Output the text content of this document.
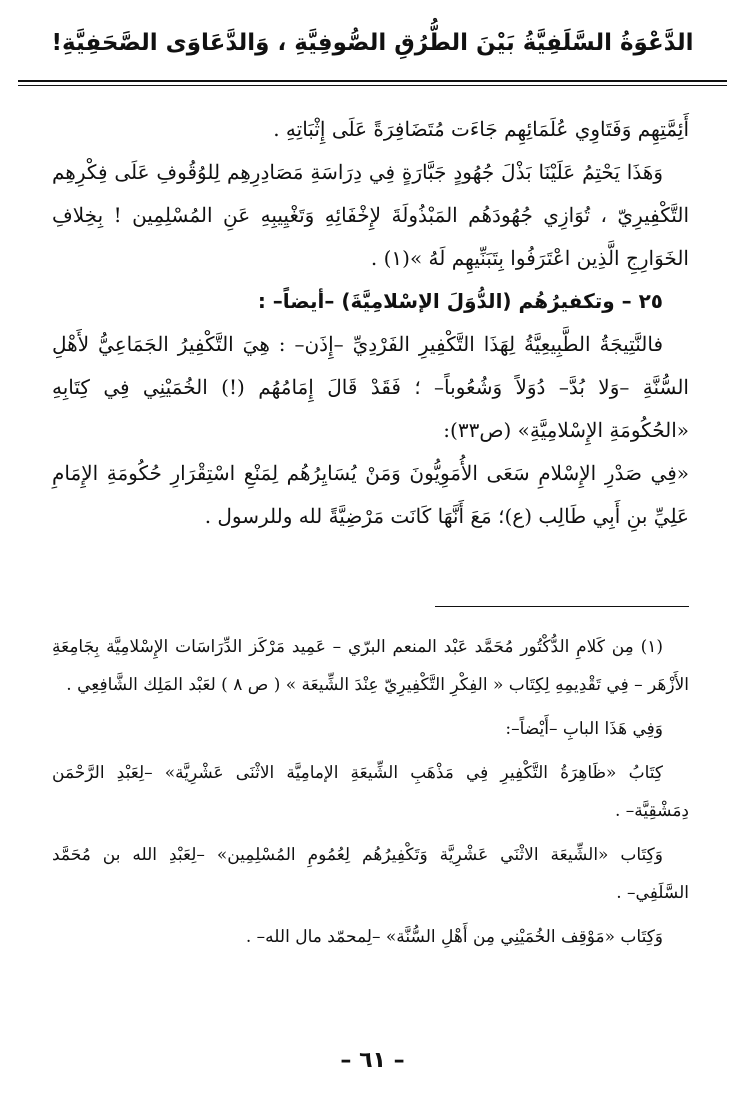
الدَّعْوَةُ السَّلَفِيَّةُ بَيْنَ الطُّرُقِ الصُّوفِيَّةِ ، وَالدَّعَاوَى الصَّحَفِيَّةِ!

أَئِمَّتِهِم وَفَتَاوِي عُلَمَائِهِم جَاءَت مُتَضَافِرَةً عَلَى إِثْبَاتِهِ .

وَهَذَا يَحْتِمُ عَلَيْنَا بَذْلَ جُهُودٍ جَبَّارَةٍ فِي دِرَاسَةِ مَصَادِرِهِم لِلوُقُوفِ عَلَى فِكْرِهِم التَّكْفِيرِيّ ، تُوَازِي جُهُودَهُم المَبْذُولَةَ لإِخْفَائِهِ وَتَغْيِيبِهِ عَنِ المُسْلِمِين ! بِخِلافِ الخَوَارِجِ الَّذِين اعْتَرَفُوا بِتَبَنِّيهِم لَهُ »(١) .

٢٥ – وتكفيرُهُم (الدُّوَلَ الإسْلامِيَّةَ) –أيضاً– :

فالنَّتِيجَةُ الطَّبِيعِيَّةُ لِهَذَا التَّكْفِيرِ الفَرْدِيِّ –إِذَن– : هِيَ التَّكْفِيرُ الجَمَاعِيُّ لأَهْلِ السُّنَّةِ –وَلا بُدَّ– دُوَلاً وَشُعُوباً– ؛ فَقَدْ قَالَ إِمَامُهُم (!) الخُمَيْنِي فِي كِتَابِهِ «الحُكُومَةِ الإِسْلامِيَّةِ» (ص٣٣):

«فِي صَدْرِ الإِسْلامِ سَعَى الأُمَوِيُّونَ وَمَنْ يُسَايِرُهُم لِمَنْعِ اسْتِقْرَارِ حُكُومَةِ الإِمَامِ عَلِيِّ بنِ أَبِي طَالِب (ع)؛ مَعَ أَنَّهَا كَانَت مَرْضِيَّةً لله وللرسول .

(١) مِن كَلامِ الدُّكْتُور مُحَمَّد عَبْد المنعم البرّي – عَمِيد مَرْكَز الدِّرَاسَات الإِسْلامِيَّة بِجَامِعَةِ الأَزْهَر – فِي تَقْدِيمِهِ لِكِتَاب « الفِكْرِ التَّكْفِيرِيّ عِنْدَ الشِّيعَة » ( ص ٨ ) لعَبْد المَلِك الشَّافِعِي .

وَفِي هَذَا البابِ –أَيْضاً–:

كِتَابُ «ظَاهِرَةُ التَّكْفِيرِ فِي مَذْهَبِ الشِّيعَةِ الإمامِيَّة الاثْنَى عَشْرِيَّة» –لِعَبْدِ الرَّحْمَن دِمَشْقِيَّة– .

وَكِتَاب «الشِّيعَة الاثْنَي عَشْرِيَّة وَتَكْفِيرُهُم لِعُمُومِ المُسْلِمِين» –لِعَبْدِ الله بن مُحَمَّد السَّلَفِي– .

وَكِتَاب «مَوْقِف الخُمَيْنِي مِن أَهْلِ السُّنَّة» –لِمحمّد مال الله– .

– ٦١ –
